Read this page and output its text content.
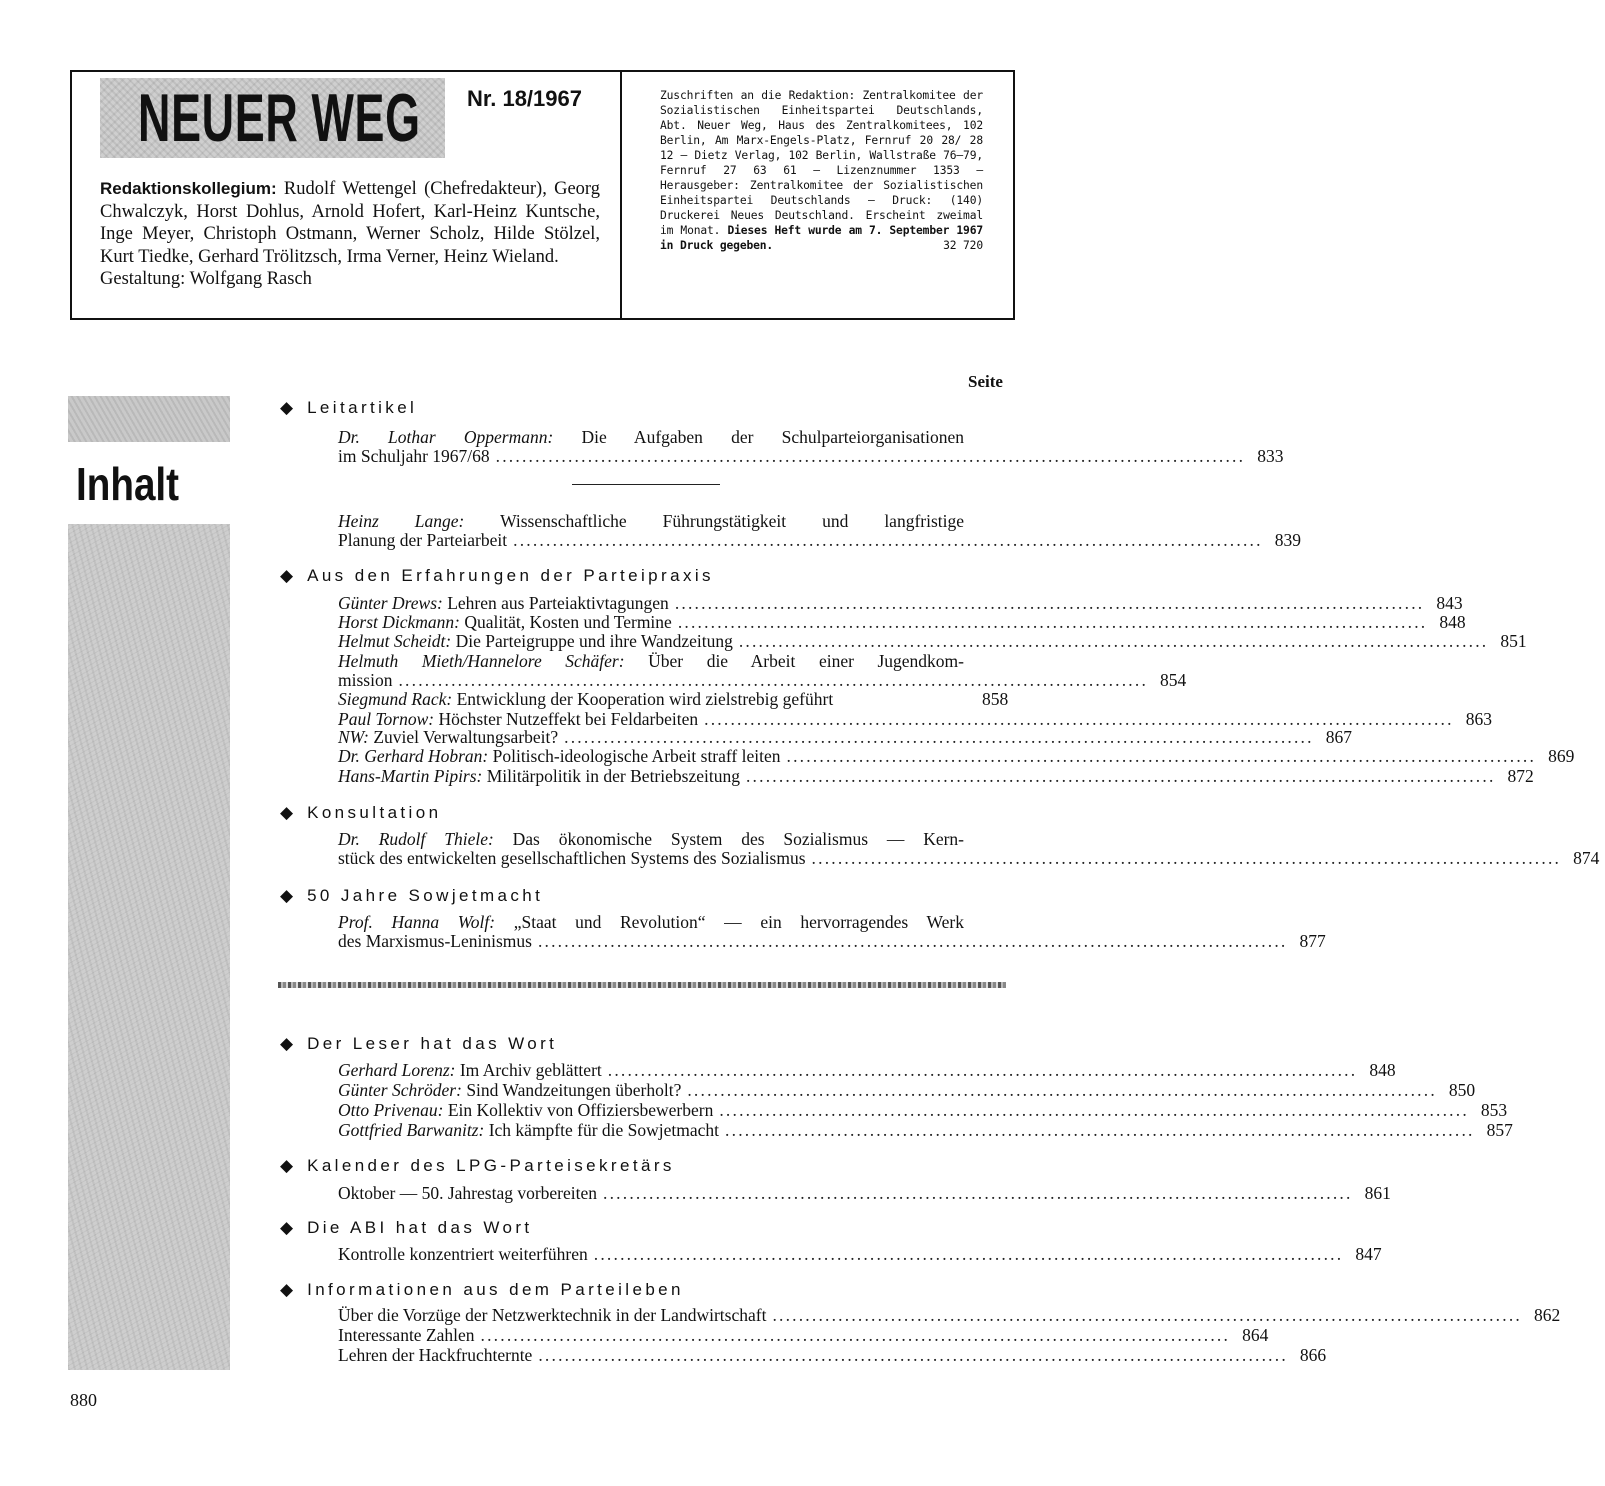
NEUER WEG Nr. 18/1967
Redaktionskollegium: Rudolf Wettengel (Chefredakteur), Georg Chwalczyk, Horst Dohlus, Arnold Hofert, Karl-Heinz Kuntsche, Inge Meyer, Christoph Ostmann, Werner Scholz, Hilde Stölzel, Kurt Tiedke, Gerhard Trölitzsch, Irma Verner, Heinz Wieland.
Gestaltung: Wolfgang Rasch
Zuschriften an die Redaktion: Zentralkomitee der Sozialistischen Einheitspartei Deutschlands, Abt. Neuer Weg, Haus des Zentralkomitees, 102 Berlin, Am Marx-Engels-Platz, Fernruf 20 28/ 28 12 — Dietz Verlag, 102 Berlin, Wallstraße 76–79, Fernruf 27 63 61 — Lizenznummer 1353 — Herausgeber: Zentralkomitee der Sozialistischen Einheitspartei Deutschlands — Druck: (140) Druckerei Neues Deutschland. Erscheint zweimal im Monat. Dieses Heft wurde am 7. September 1967 in Druck gegeben.	32 720
Inhalt
Seite
◆ Leitartikel
Dr. Lothar Oppermann: Die Aufgaben der Schulparteiorganisationen
im Schuljahr 1967/68 .................................................................................................................. 833
Heinz Lange: Wissenschaftliche Führungstätigkeit und langfristige
Planung der Parteiarbeit .................................................................................................................. 839
◆ Aus den Erfahrungen der Parteipraxis
Günter Drews: Lehren aus Parteiaktivtagungen .................................................................................................................. 843
Horst Dickmann: Qualität, Kosten und Termine .................................................................................................................. 848
Helmut Scheidt: Die Parteigruppe und ihre Wandzeitung .................................................................................................................. 851
Helmuth Mieth/Hannelore Schäfer: Über die Arbeit einer Jugendkom-
mission .................................................................................................................. 854
Siegmund Rack: Entwicklung der Kooperation wird zielstrebig geführt	858
Paul Tornow: Höchster Nutzeffekt bei Feldarbeiten .................................................................................................................. 863
NW: Zuviel Verwaltungsarbeit? .................................................................................................................. 867
Dr. Gerhard Hobran: Politisch-ideologische Arbeit straff leiten .................................................................................................................. 869
Hans-Martin Pipirs: Militärpolitik in der Betriebszeitung .................................................................................................................. 872
◆ Konsultation
Dr. Rudolf Thiele: Das ökonomische System des Sozialismus — Kern-
stück des entwickelten gesellschaftlichen Systems des Sozialismus .................................................................................................................. 874
◆ 50 Jahre Sowjetmacht
Prof. Hanna Wolf: „Staat und Revolution“ — ein hervorragendes Werk
des Marxismus-Leninismus .................................................................................................................. 877
◆ Der Leser hat das Wort
Gerhard Lorenz: Im Archiv geblättert .................................................................................................................. 848
Günter Schröder: Sind Wandzeitungen überholt? .................................................................................................................. 850
Otto Privenau: Ein Kollektiv von Offiziersbewerbern .................................................................................................................. 853
Gottfried Barwanitz: Ich kämpfte für die Sowjetmacht .................................................................................................................. 857
◆ Kalender des LPG-Parteisekretärs
Oktober — 50. Jahrestag vorbereiten .................................................................................................................. 861
◆ Die ABI hat das Wort
Kontrolle konzentriert weiterführen .................................................................................................................. 847
◆ Informationen aus dem Parteileben
Über die Vorzüge der Netzwerktechnik in der Landwirtschaft .................................................................................................................. 862
Interessante Zahlen .................................................................................................................. 864
Lehren der Hackfruchternte .................................................................................................................. 866
880
